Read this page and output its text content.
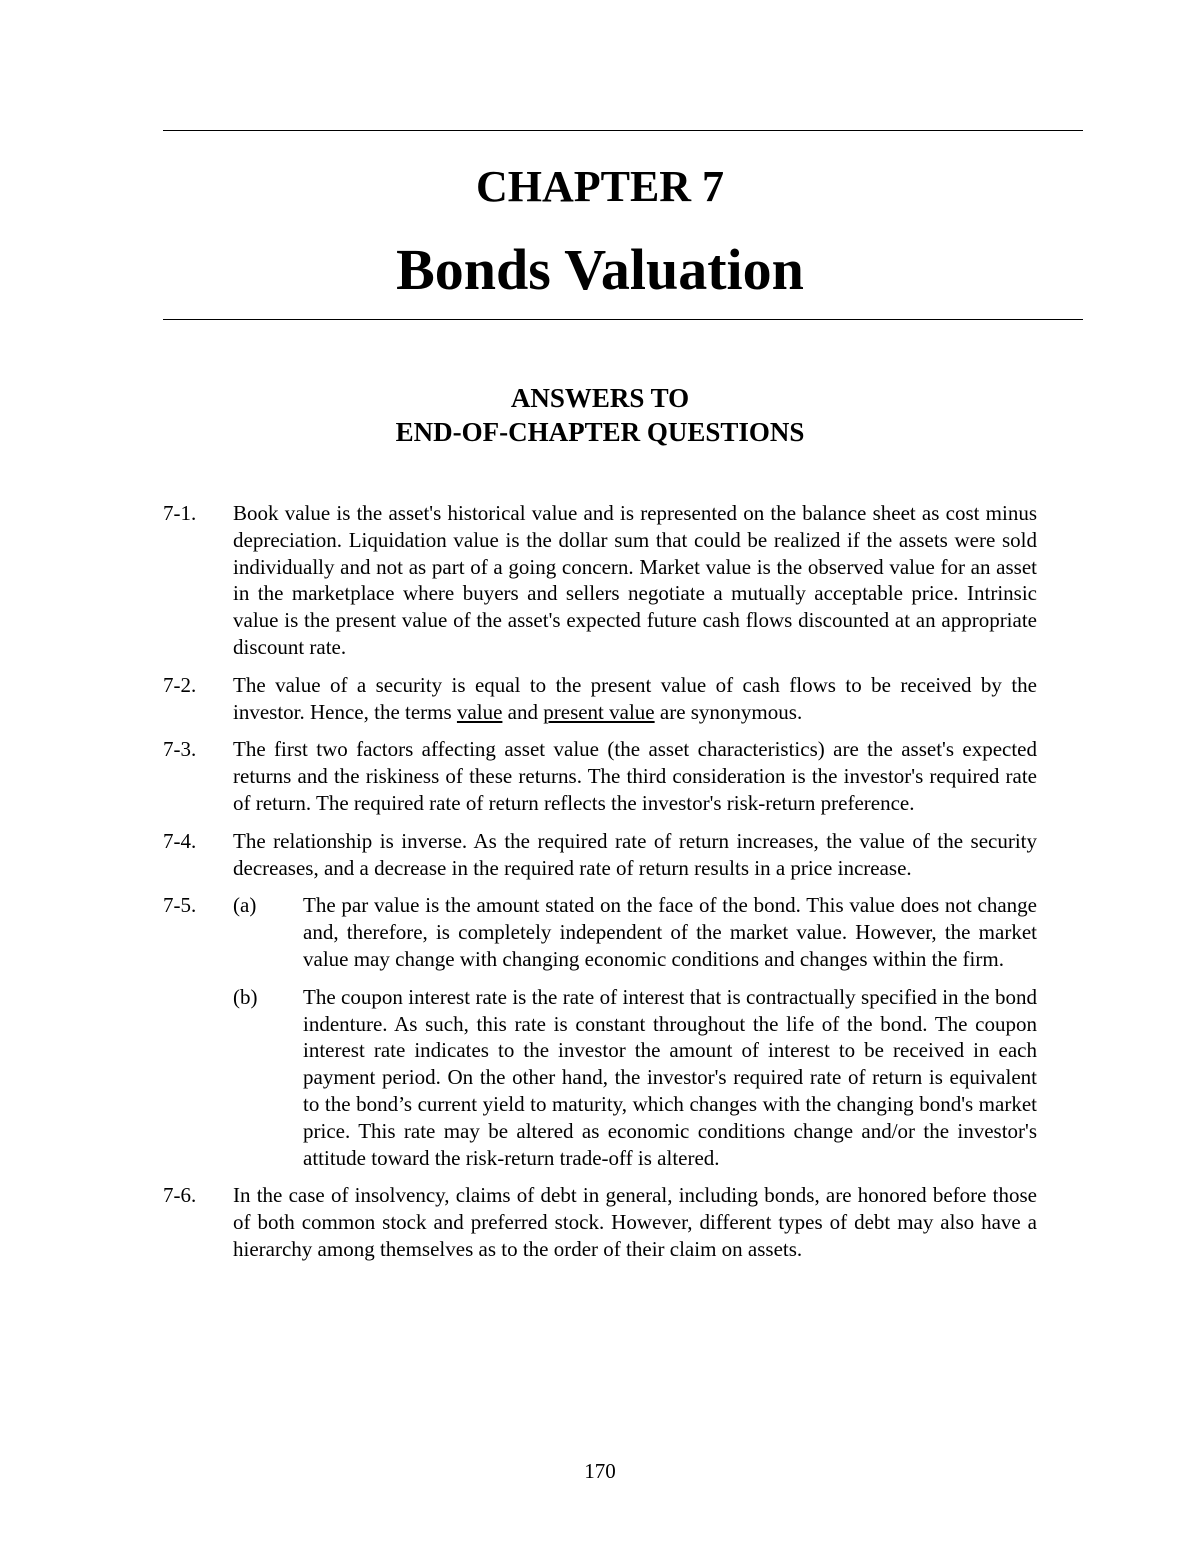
CHAPTER 7
Bonds Valuation
ANSWERS TO
END-OF-CHAPTER QUESTIONS
7-1.	Book value is the asset's historical value and is represented on the balance sheet as cost minus depreciation. Liquidation value is the dollar sum that could be realized if the assets were sold individually and not as part of a going concern. Market value is the observed value for an asset in the marketplace where buyers and sellers negotiate a mutually acceptable price. Intrinsic value is the present value of the asset's expected future cash flows discounted at an appropriate discount rate.
7-2.	The value of a security is equal to the present value of cash flows to be received by the investor. Hence, the terms value and present value are synonymous.
7-3.	The first two factors affecting asset value (the asset characteristics) are the asset's expected returns and the riskiness of these returns. The third consideration is the investor's required rate of return. The required rate of return reflects the investor's risk-return preference.
7-4.	The relationship is inverse. As the required rate of return increases, the value of the security decreases, and a decrease in the required rate of return results in a price increase.
7-5.	(a)	The par value is the amount stated on the face of the bond. This value does not change and, therefore, is completely independent of the market value. However, the market value may change with changing economic conditions and changes within the firm.
(b)	The coupon interest rate is the rate of interest that is contractually specified in the bond indenture. As such, this rate is constant throughout the life of the bond. The coupon interest rate indicates to the investor the amount of interest to be received in each payment period. On the other hand, the investor's required rate of return is equivalent to the bond’s current yield to maturity, which changes with the changing bond's market price. This rate may be altered as economic conditions change and/or the investor's attitude toward the risk-return trade-off is altered.
7-6.	In the case of insolvency, claims of debt in general, including bonds, are honored before those of both common stock and preferred stock. However, different types of debt may also have a hierarchy among themselves as to the order of their claim on assets.
170
